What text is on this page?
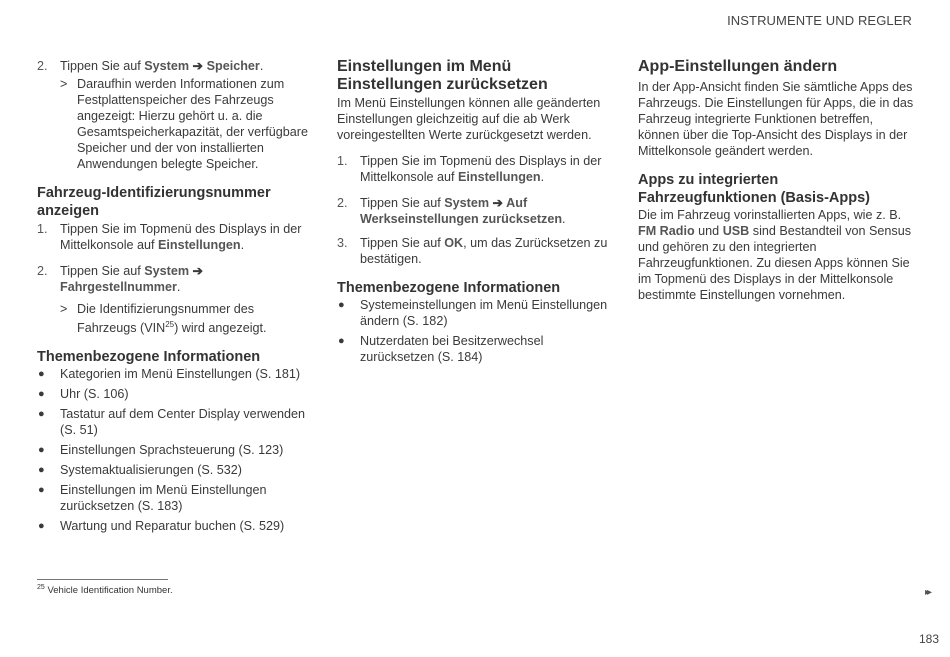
INSTRUMENTE UND REGLER
2. Tippen Sie auf System ➔ Speicher.
> Daraufhin werden Informationen zum Festplattenspeicher des Fahrzeugs angezeigt: Hierzu gehört u. a. die Gesamtspeicherkapazität, der verfügbare Speicher und der von installierten Anwendungen belegte Speicher.
Fahrzeug-Identifizierungsnummer anzeigen
1. Tippen Sie im Topmenü des Displays in der Mittelkonsole auf Einstellungen.
2. Tippen Sie auf System ➔ Fahrgestellnummer.
> Die Identifizierungsnummer des Fahrzeugs (VIN$^{25}$) wird angezeigt.
Themenbezogene Informationen
● Kategorien im Menü Einstellungen (S. 181)
● Uhr (S. 106)
● Tastatur auf dem Center Display verwenden (S. 51)
● Einstellungen Sprachsteuerung (S. 123)
● Systemaktualisierungen (S. 532)
● Einstellungen im Menü Einstellungen zurücksetzen (S. 183)
● Wartung und Reparatur buchen (S. 529)
Einstellungen im Menü Einstellungen zurücksetzen

Im Menü Einstellungen können alle geänderten Einstellungen gleichzeitig auf die ab Werk voreingestellten Werte zurückgesetzt werden.

1. Tippen Sie im Topmenü des Displays in der Mittelkonsole auf Einstellungen.
2. Tippen Sie auf System ➔ Auf Werkseinstellungen zurücksetzen.
3. Tippen Sie auf OK, um das Zurücksetzen zu bestätigen.
Themenbezogene Informationen
● Systemeinstellungen im Menü Einstellungen ändern (S. 182)
● Nutzerdaten bei Besitzerwechsel zurücksetzen (S. 184)
App-Einstellungen ändern

In der App-Ansicht finden Sie sämtliche Apps des Fahrzeugs. Die Einstellungen für Apps, die in das Fahrzeug integrierte Funktionen betreffen, können über die Top-Ansicht des Displays in der Mittelkonsole geändert werden.

Apps zu integrierten Fahrzeugfunktionen (Basis-Apps)

Die im Fahrzeug vorinstallierten Apps, wie z. B. FM Radio und USB sind Bestandteil von Sensus und gehören zu den integrierten Fahrzeugfunktionen. Zu diesen Apps können Sie im Topmenü des Displays in der Mittelkonsole bestimmte Einstellungen vornehmen.

$^{25}$ Vehicle Identification Number.	▸▸
183
